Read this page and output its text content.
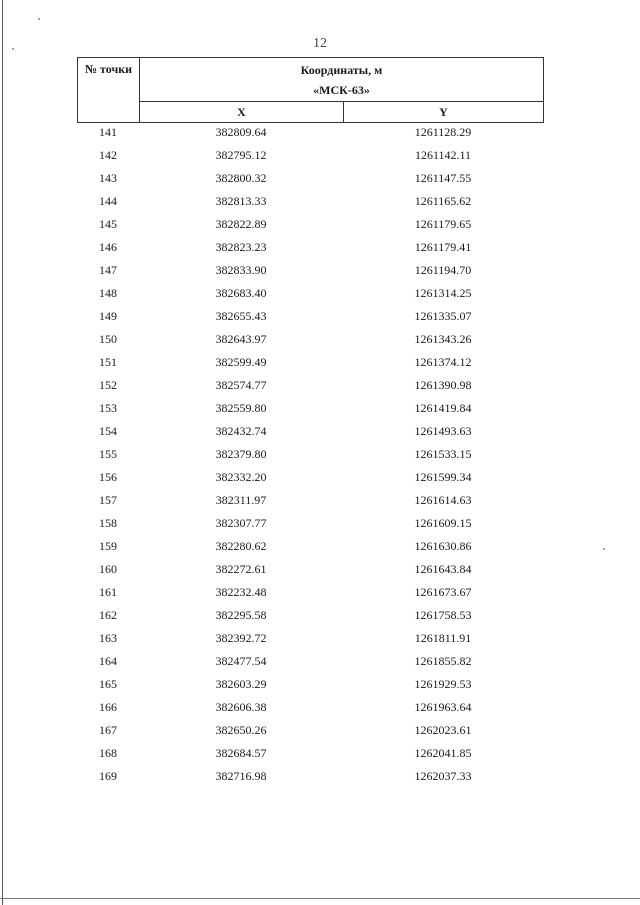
12
№ точки	Координаты, м
«МСК-63»	

	X	Y
141	382809.64	1261128.29
142	382795.12	1261142.11
143	382800.32	1261147.55
144	382813.33	1261165.62
145	382822.89	1261179.65
146	382823.23	1261179.41
147	382833.90	1261194.70
148	382683.40	1261314.25
149	382655.43	1261335.07
150	382643.97	1261343.26
151	382599.49	1261374.12
152	382574.77	1261390.98
153	382559.80	1261419.84
154	382432.74	1261493.63
155	382379.80	1261533.15
156	382332.20	1261599.34
157	382311.97	1261614.63
158	382307.77	1261609.15
159	382280.62	1261630.86
160	382272.61	1261643.84
161	382232.48	1261673.67
162	382295.58	1261758.53
163	382392.72	1261811.91
164	382477.54	1261855.82
165	382603.29	1261929.53
166	382606.38	1261963.64
167	382650.26	1262023.61
168	382684.57	1262041.85
169	382716.98	1262037.33
